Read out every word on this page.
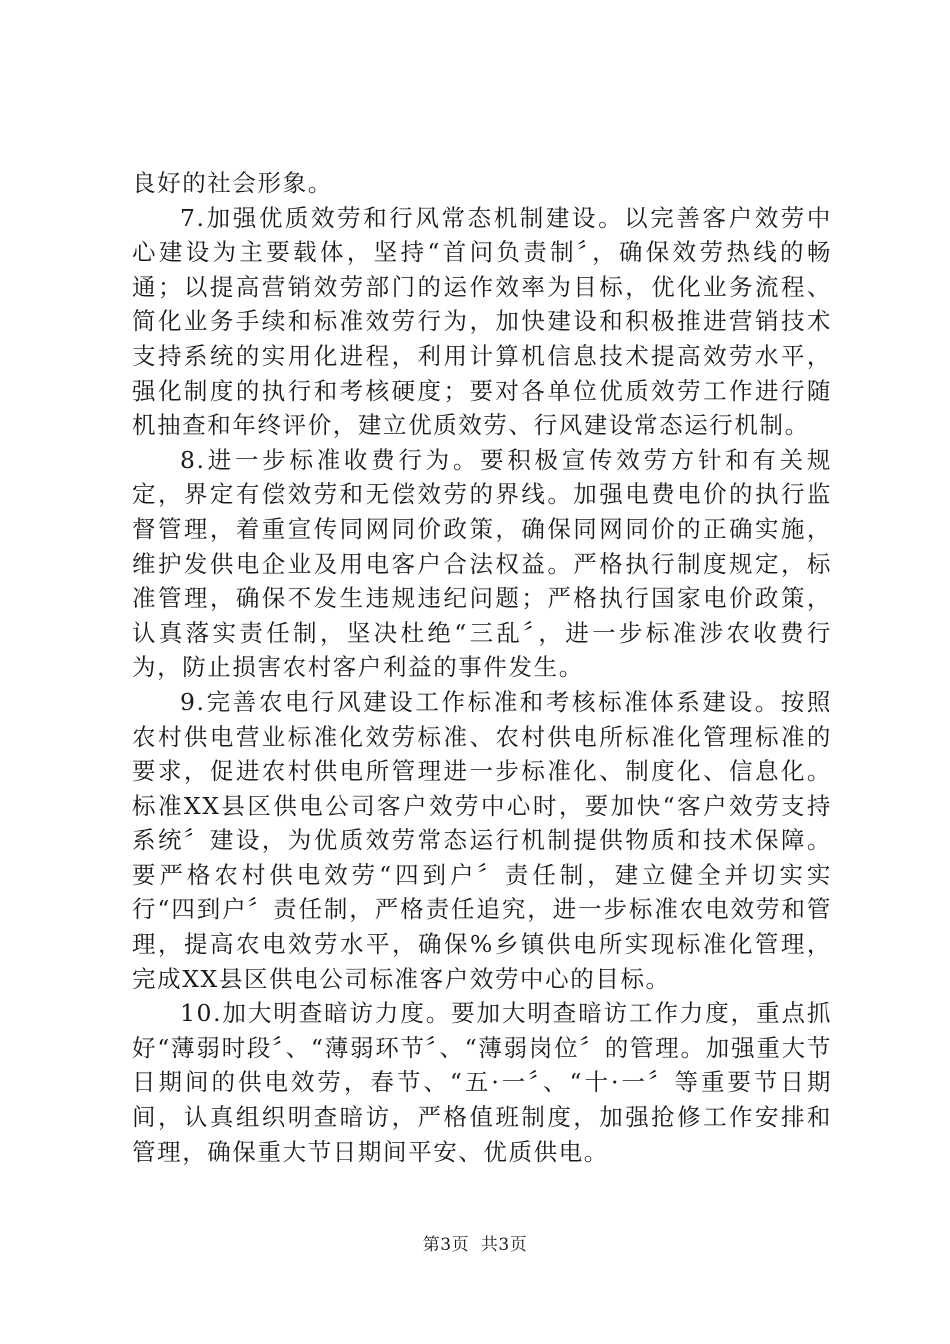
良好的社会形象。

7.加强优质效劳和行风常态机制建设。以完善客户效劳中心建设为主要载体，坚持“首问负责制〞，确保效劳热线的畅通；以提高营销效劳部门的运作效率为目标，优化业务流程、简化业务手续和标准效劳行为，加快建设和积极推进营销技术支持系统的实用化进程，利用计算机信息技术提高效劳水平，强化制度的执行和考核硬度；要对各单位优质效劳工作进行随机抽查和年终评价，建立优质效劳、行风建设常态运行机制。

8.进一步标准收费行为。要积极宣传效劳方针和有关规定，界定有偿效劳和无偿效劳的界线。加强电费电价的执行监督管理，着重宣传同网同价政策，确保同网同价的正确实施，维护发供电企业及用电客户合法权益。严格执行制度规定，标准管理，确保不发生违规违纪问题；严格执行国家电价政策，认真落实责任制，坚决杜绝“三乱〞，进一步标准涉农收费行为，防止损害农村客户利益的事件发生。

9.完善农电行风建设工作标准和考核标准体系建设。按照农村供电营业标准化效劳标准、农村供电所标准化管理标准的要求，促进农村供电所管理进一步标准化、制度化、信息化。标准XX县区供电公司客户效劳中心时，要加快“客户效劳支持系统〞建设，为优质效劳常态运行机制提供物质和技术保障。要严格农村供电效劳“四到户〞责任制，建立健全并切实实行“四到户〞责任制，严格责任追究，进一步标准农电效劳和管理，提高农电效劳水平，确保%乡镇供电所实现标准化管理，完成XX县区供电公司标准客户效劳中心的目标。

10.加大明查暗访力度。要加大明查暗访工作力度，重点抓好“薄弱时段〞、“薄弱环节〞、“薄弱岗位〞的管理。加强重大节日期间的供电效劳，春节、“五·一〞、“十·一〞等重要节日期间，认真组织明查暗访，严格值班制度，加强抢修工作安排和管理，确保重大节日期间平安、优质供电。

第3页 共3页
